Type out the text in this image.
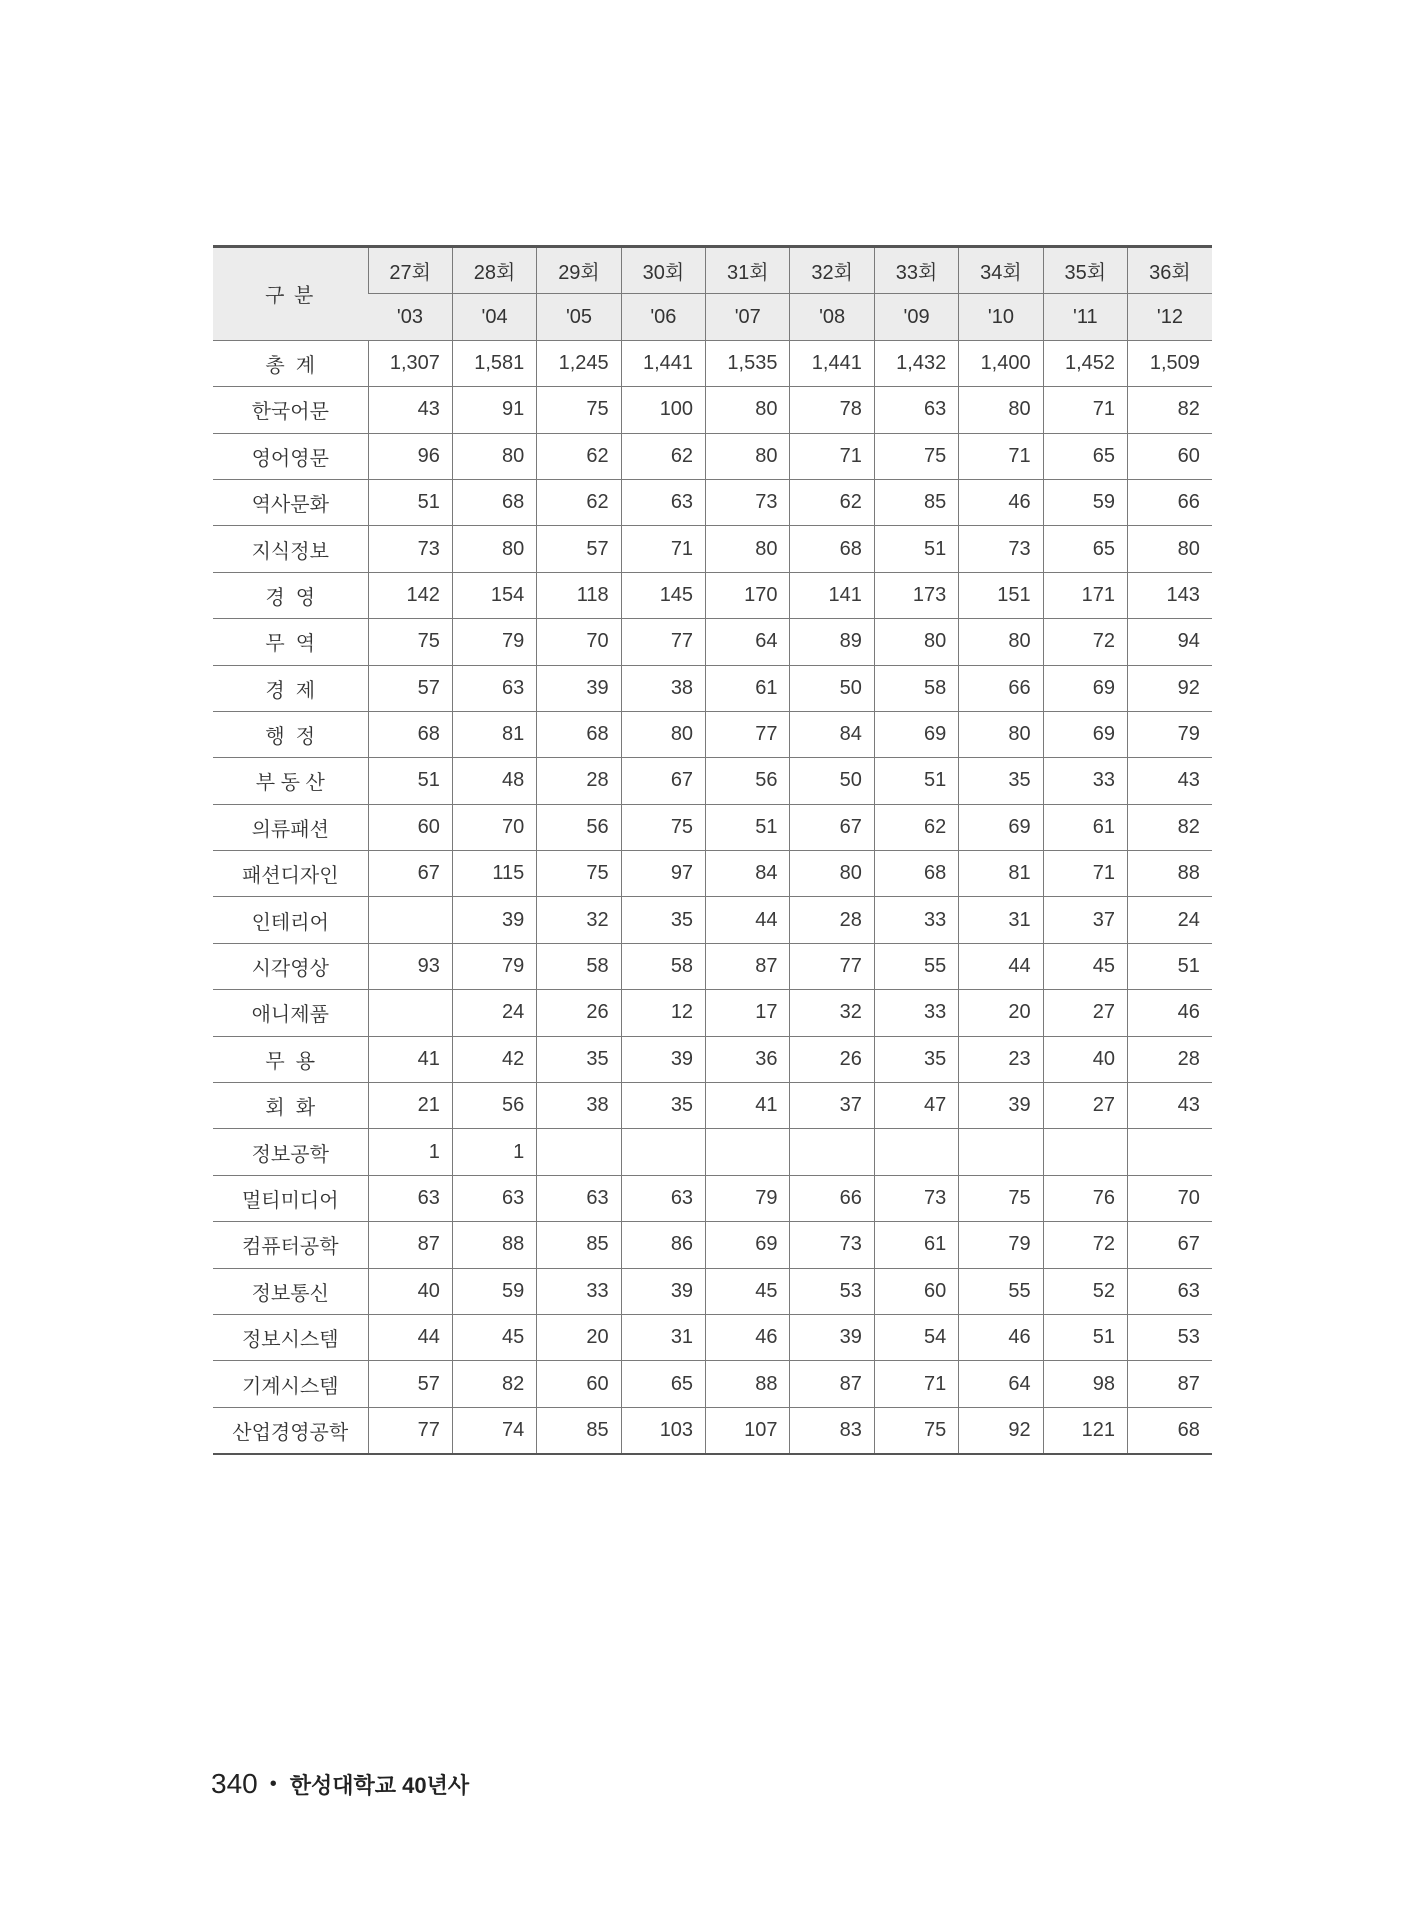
구 분	27회	28회	29회	30회	31회	32회	33회	34회	35회	36회
	'03	'04	'05	'06	'07	'08	'09	'10	'11	'12
총  계	1,307	1,581	1,245	1,441	1,535	1,441	1,432	1,400	1,452	1,509
한국어문	43	91	75	100	80	78	63	80	71	82
영어영문	96	80	62	62	80	71	75	71	65	60
역사문화	51	68	62	63	73	62	85	46	59	66
지식정보	73	80	57	71	80	68	51	73	65	80
경  영	142	154	118	145	170	141	173	151	171	143
무  역	75	79	70	77	64	89	80	80	72	94
경  제	57	63	39	38	61	50	58	66	69	92
행  정	68	81	68	80	77	84	69	80	69	79
부 동 산	51	48	28	67	56	50	51	35	33	43
의류패션	60	70	56	75	51	67	62	69	61	82
패션디자인	67	115	75	97	84	80	68	81	71	88
인테리어		39	32	35	44	28	33	31	37	24
시각영상	93	79	58	58	87	77	55	44	45	51
애니제품		24	26	12	17	32	33	20	27	46
무  용	41	42	35	39	36	26	35	23	40	28
회  화	21	56	38	35	41	37	47	39	27	43
정보공학	1	1								
멀티미디어	63	63	63	63	79	66	73	75	76	70
컴퓨터공학	87	88	85	86	69	73	61	79	72	67
정보통신	40	59	33	39	45	53	60	55	52	63
정보시스템	44	45	20	31	46	39	54	46	51	53
기계시스템	57	82	60	65	88	87	71	64	98	87
산업경영공학	77	74	85	103	107	83	75	92	121	68
340 • 한성대학교 40년사
